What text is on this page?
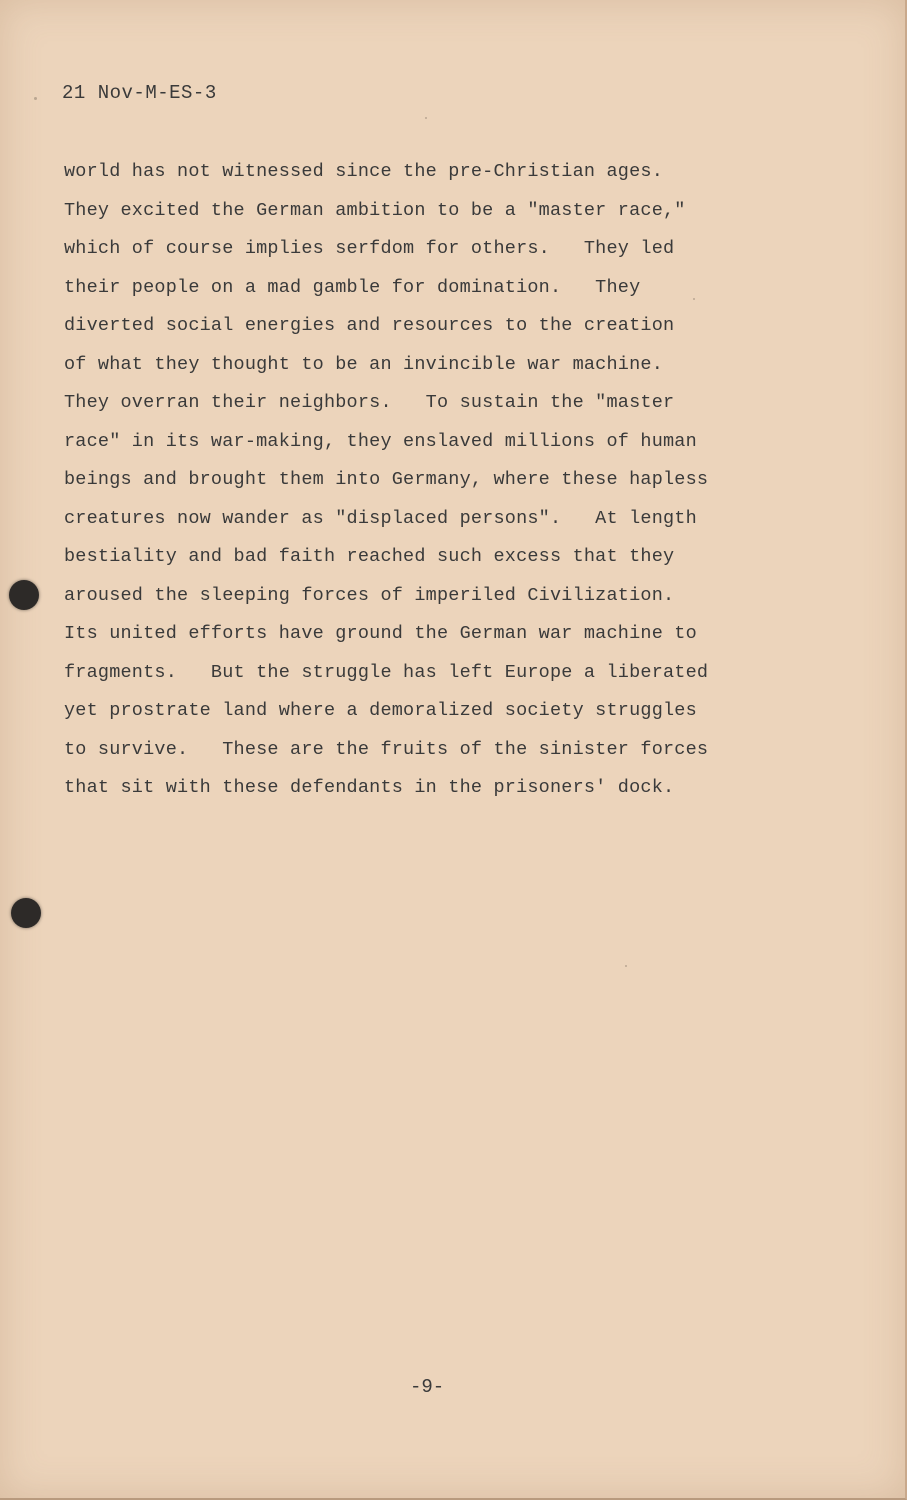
21 Nov-M-ES-3
world has not witnessed since the pre-Christian ages.
They excited the German ambition to be a "master race,"
which of course implies serfdom for others.   They led
their people on a mad gamble for domination.   They
diverted social energies and resources to the creation
of what they thought to be an invincible war machine.
They overran their neighbors.   To sustain the "master
race" in its war-making, they enslaved millions of human
beings and brought them into Germany, where these hapless
creatures now wander as "displaced persons".   At length
bestiality and bad faith reached such excess that they
aroused the sleeping forces of imperiled Civilization.
Its united efforts have ground the German war machine to
fragments.   But the struggle has left Europe a liberated
yet prostrate land where a demoralized society struggles
to survive.   These are the fruits of the sinister forces
that sit with these defendants in the prisoners' dock.
-9-
